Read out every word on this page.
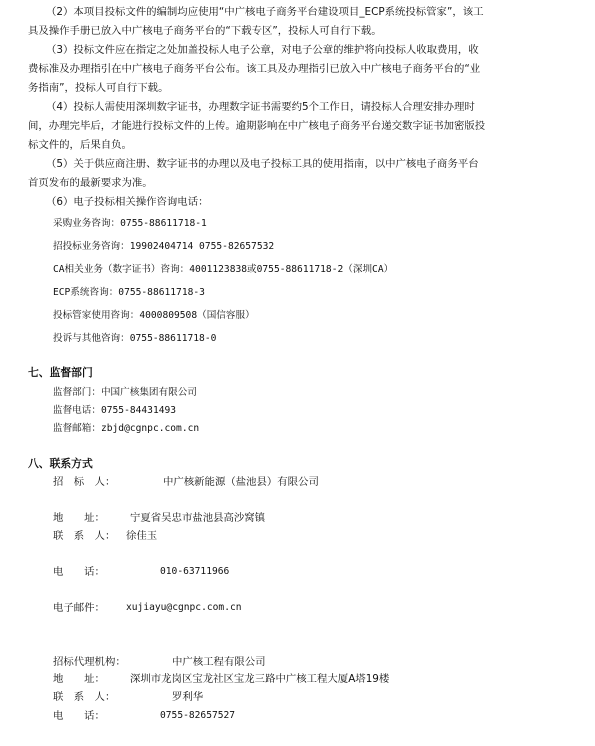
（2）本项目投标文件的编制均应使用“中广核电子商务平台建设项目_ECP系统投标管家”，该工
具及操作手册已放入中广核电子商务平台的“下载专区”，投标人可自行下载。
（3）投标文件应在指定之处加盖投标人电子公章，对电子公章的维护将向投标人收取费用，收
费标准及办理指引在中广核电子商务平台公布。该工具及办理指引已放入中广核电子商务平台的“业
务指南”，投标人可自行下载。
（4）投标人需使用深圳数字证书，办理数字证书需要约5个工作日，请投标人合理安排办理时
间，办理完毕后，才能进行投标文件的上传。逾期影响在中广核电子商务平台递交数字证书加密版投
标文件的，后果自负。
（5）关于供应商注册、数字证书的办理以及电子投标工具的使用指南，以中广核电子商务平台
首页发布的最新要求为准。
（6）电子投标相关操作咨询电话：
采购业务咨询：0755-88611718-1
招投标业务咨询：19902404714 0755-82657532
CA相关业务（数字证书）咨询：4001123838或0755-88611718-2（深圳CA）
ECP系统咨询：0755-88611718-3
投标管家使用咨询：4000809508（国信容服）
投诉与其他咨询：0755-88611718-0
七、监督部门
监督部门：中国广核集团有限公司
监督电话：0755-84431493
监督邮箱：zbjd@cgnpc.com.cn
八、联系方式
招　标　人：	中广核新能源（盐池县）有限公司
地　　址： 宁夏省吴忠市盐池县高沙窝镇
联　系　人： 徐佳玉
电　　话：	010-63711966
电子邮件： xujiayu@cgnpc.com.cn
招标代理机构：	中广核工程有限公司
地　　址： 深圳市龙岗区宝龙社区宝龙三路中广核工程大厦A塔19楼
联　系　人：	罗利华
电　　话：	0755-82657527
